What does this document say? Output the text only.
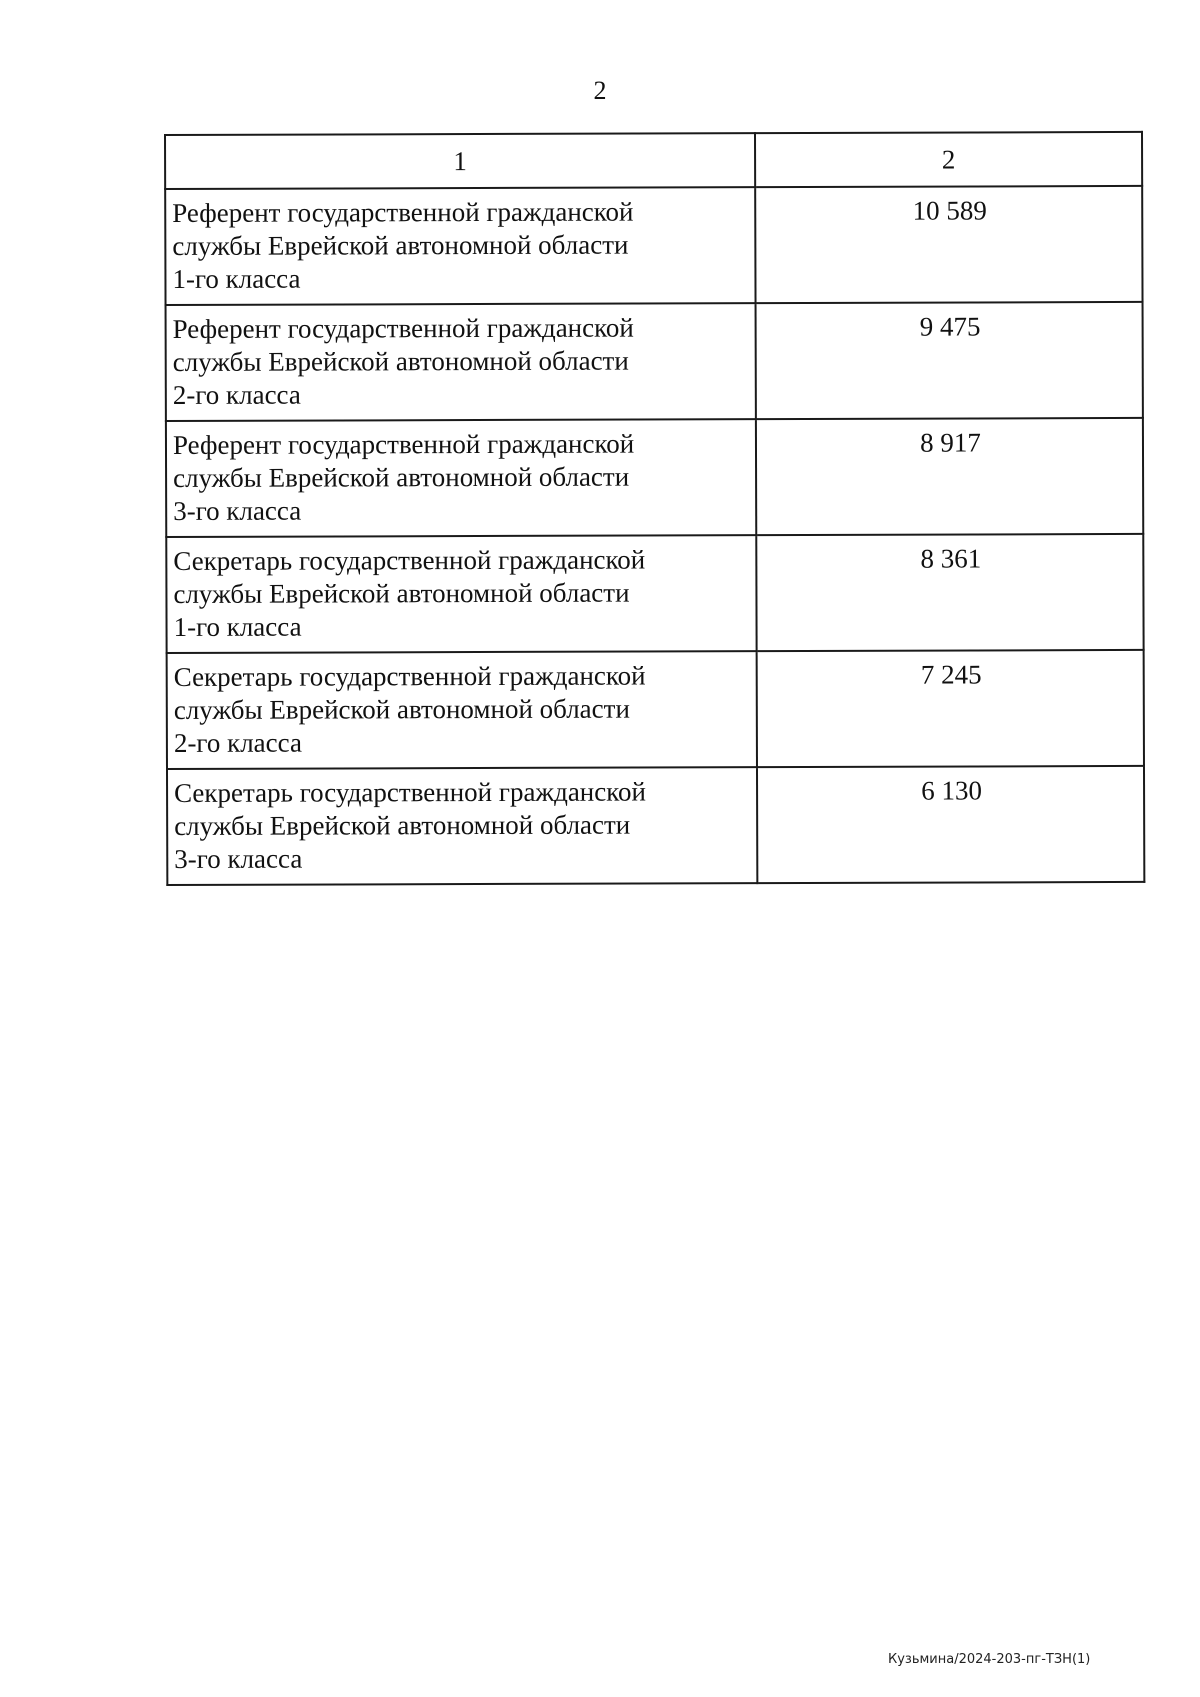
2
1	2

Референт государственной гражданской
службы Еврейской автономной области
1-го класса	10 589

Референт государственной гражданской
службы Еврейской автономной области
2-го класса	9 475

Референт государственной гражданской
службы Еврейской автономной области
3-го класса	8 917

Секретарь государственной гражданской
службы Еврейской автономной области
1-го класса	8 361

Секретарь государственной гражданской
службы Еврейской автономной области
2-го класса	7 245

Секретарь государственной гражданской
службы Еврейской автономной области
3-го класса	6 130
Кузьмина/2024-203-пг-ТЗН(1)
